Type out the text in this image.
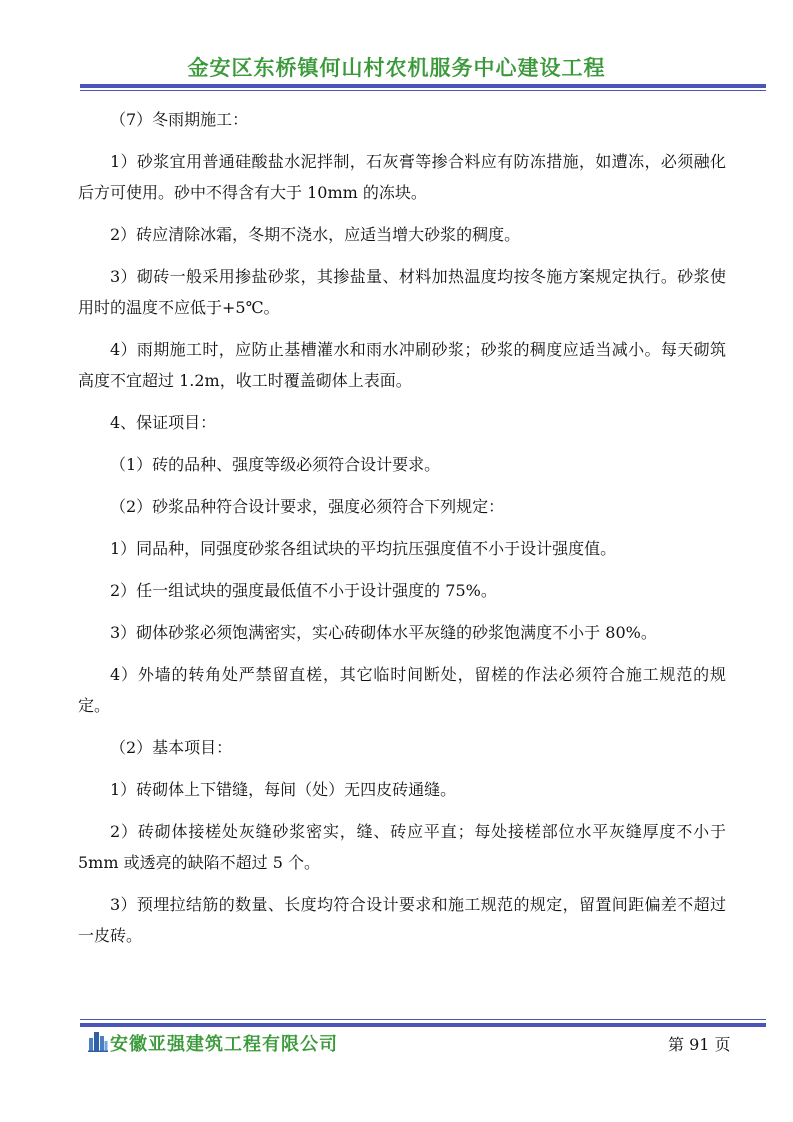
金安区东桥镇何山村农机服务中心建设工程

（7）冬雨期施工：

1）砂浆宜用普通硅酸盐水泥拌制，石灰膏等掺合料应有防冻措施，如遭冻，必须融化后方可使用。砂中不得含有大于 10mm 的冻块。

2）砖应清除冰霜，冬期不浇水，应适当增大砂浆的稠度。

3）砌砖一般采用掺盐砂浆，其掺盐量、材料加热温度均按冬施方案规定执行。砂浆使用时的温度不应低于+5℃。

4）雨期施工时，应防止基槽灌水和雨水冲刷砂浆；砂浆的稠度应适当减小。每天砌筑高度不宜超过 1.2m，收工时覆盖砌体上表面。

4、保证项目：

（1）砖的品种、强度等级必须符合设计要求。

（2）砂浆品种符合设计要求，强度必须符合下列规定：

1）同品种，同强度砂浆各组试块的平均抗压强度值不小于设计强度值。

2）任一组试块的强度最低值不小于设计强度的 75%。

3）砌体砂浆必须饱满密实，实心砖砌体水平灰缝的砂浆饱满度不小于 80%。

4）外墙的转角处严禁留直槎，其它临时间断处，留槎的作法必须符合施工规范的规定。

（2）基本项目：

1）砖砌体上下错缝，每间（处）无四皮砖通缝。

2）砖砌体接槎处灰缝砂浆密实，缝、砖应平直；每处接槎部位水平灰缝厚度不小于 5mm 或透亮的缺陷不超过 5 个。

3）预埋拉结筋的数量、长度均符合设计要求和施工规范的规定，留置间距偏差不超过一皮砖。

安徽亚强建筑工程有限公司	第 91 页
